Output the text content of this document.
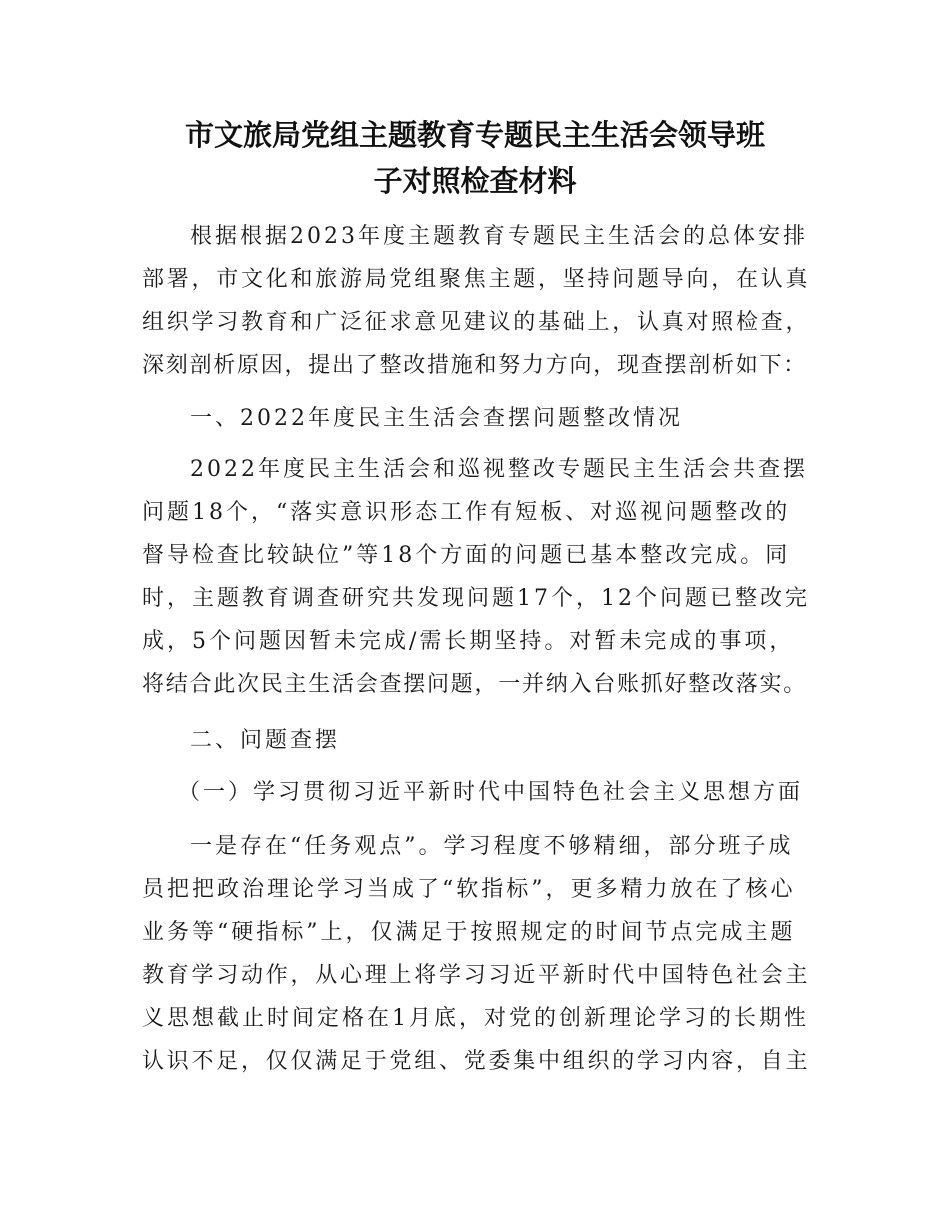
市文旅局党组主题教育专题民主生活会领导班
子对照检查材料

根据根据2023年度主题教育专题民主生活会的总体安排

部署，市文化和旅游局党组聚焦主题，坚持问题导向，在认真

组织学习教育和广泛征求意见建议的基础上，认真对照检查，

深刻剖析原因，提出了整改措施和努力方向，现查摆剖析如下：

一、2022年度民主生活会查摆问题整改情况

2022年度民主生活会和巡视整改专题民主生活会共查摆

问题18个，“落实意识形态工作有短板、对巡视问题整改的

督导检查比较缺位”等18个方面的问题已基本整改完成。同

时，主题教育调查研究共发现问题17个，12个问题已整改完

成，5个问题因暂未完成/需长期坚持。对暂未完成的事项，

将结合此次民主生活会查摆问题，一并纳入台账抓好整改落实。

二、问题查摆

（一）学习贯彻习近平新时代中国特色社会主义思想方面

一是存在“任务观点”。学习程度不够精细，部分班子成

员把把政治理论学习当成了“软指标”，更多精力放在了核心

业务等“硬指标”上，仅满足于按照规定的时间节点完成主题

教育学习动作，从心理上将学习习近平新时代中国特色社会主

义思想截止时间定格在1月底，对党的创新理论学习的长期性

认识不足，仅仅满足于党组、党委集中组织的学习内容，自主
